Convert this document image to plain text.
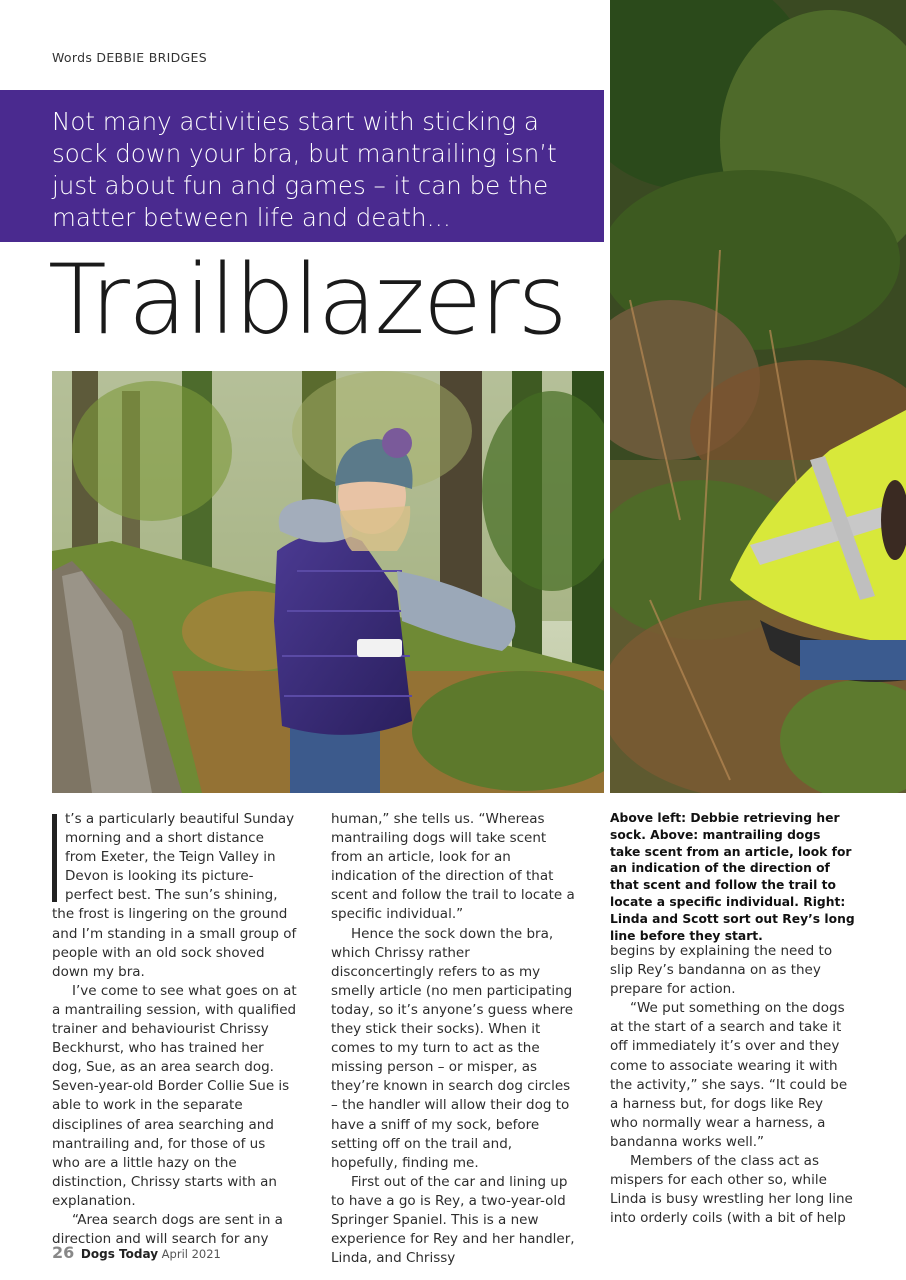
Words DEBBIE BRIDGES

Not many activities start with sticking a sock down your bra, but mantrailing isn’t just about fun and games – it can be the matter between life and death…

Trailblazers

t’s a particularly beautiful Sunday morning and a short distance from Exeter, the Teign Valley in Devon is looking its picture-perfect best. The sun’s shining, the frost is lingering on the ground and I’m standing in a small group of people with an old sock shoved down my bra.

I’ve come to see what goes on at a mantrailing session, with qualified trainer and behaviourist Chrissy Beckhurst, who has trained her dog, Sue, as an area search dog. Seven-year-old Border Collie Sue is able to work in the separate disciplines of area searching and mantrailing and, for those of us who are a little hazy on the distinction, Chrissy starts with an explanation.

“Area search dogs are sent in a direction and will search for any

human,” she tells us. “Whereas mantrailing dogs will take scent from an article, look for an indication of the direction of that scent and follow the trail to locate a specific individual.”

Hence the sock down the bra, which Chrissy rather disconcertingly refers to as my smelly article (no men participating today, so it’s anyone’s guess where they stick their socks). When it comes to my turn to act as the missing person – or misper, as they’re known in search dog circles – the handler will allow their dog to have a sniff of my sock, before setting off on the trail and, hopefully, finding me.

First out of the car and lining up to have a go is Rey, a two-year-old Springer Spaniel. This is a new experience for Rey and her handler, Linda, and Chrissy

Above left: Debbie retrieving her sock. Above: mantrailing dogs take scent from an article, look for an indication of the direction of that scent and follow the trail to locate a specific individual. Right: Linda and Scott sort out Rey’s long line before they start.

begins by explaining the need to slip Rey’s bandanna on as they prepare for action.

“We put something on the dogs at the start of a search and take it off immediately it’s over and they come to associate wearing it with the activity,” she says. “It could be a harness but, for dogs like Rey who normally wear a harness, a bandanna works well.”

Members of the class act as mispers for each other so, while Linda is busy wrestling her long line into orderly coils (with a bit of help

26 Dogs Today April 2021
